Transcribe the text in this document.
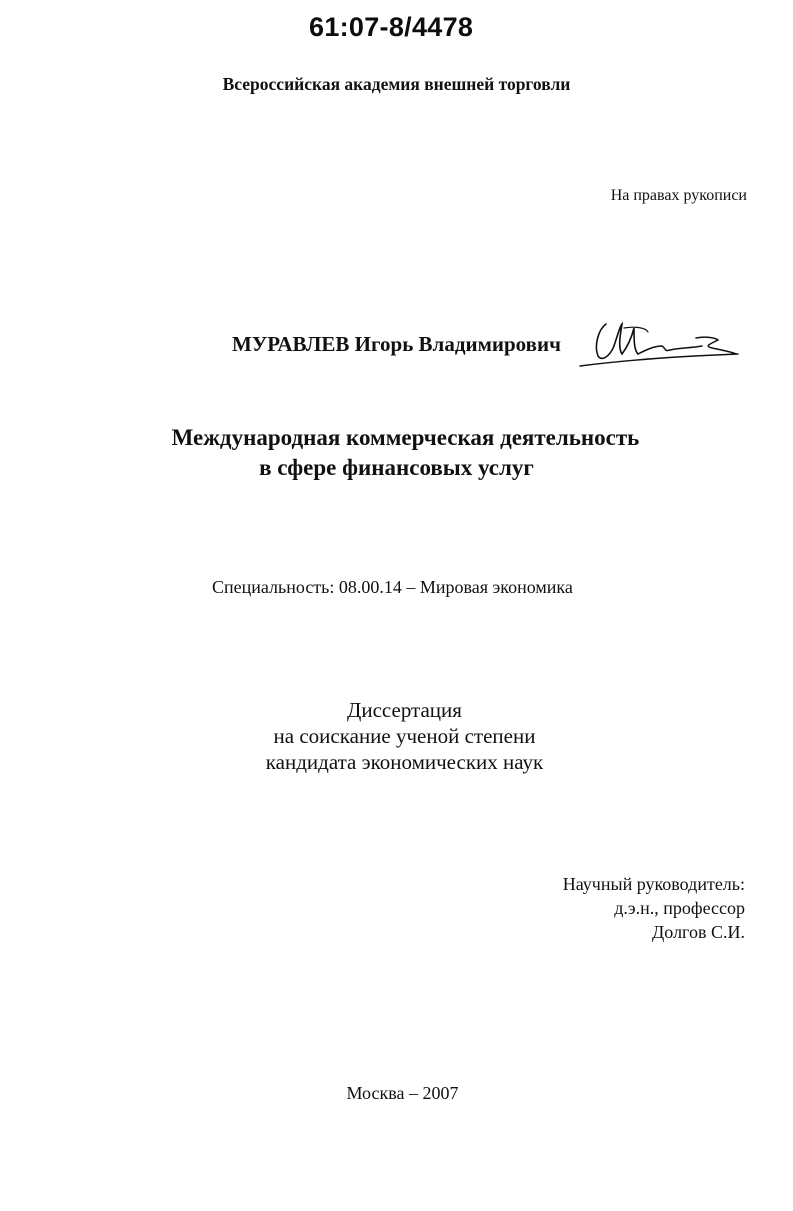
61:07-8/4478
Всероссийская академия внешней торговли
На правах рукописи
МУРАВЛЕВ Игорь Владимирович
Международная коммерческая деятельность
в сфере финансовых услуг
Специальность: 08.00.14 – Мировая экономика
Диссертация
на соискание ученой степени
кандидата экономических наук
Научный руководитель:
д.э.н., профессор
Долгов С.И.
Москва – 2007
